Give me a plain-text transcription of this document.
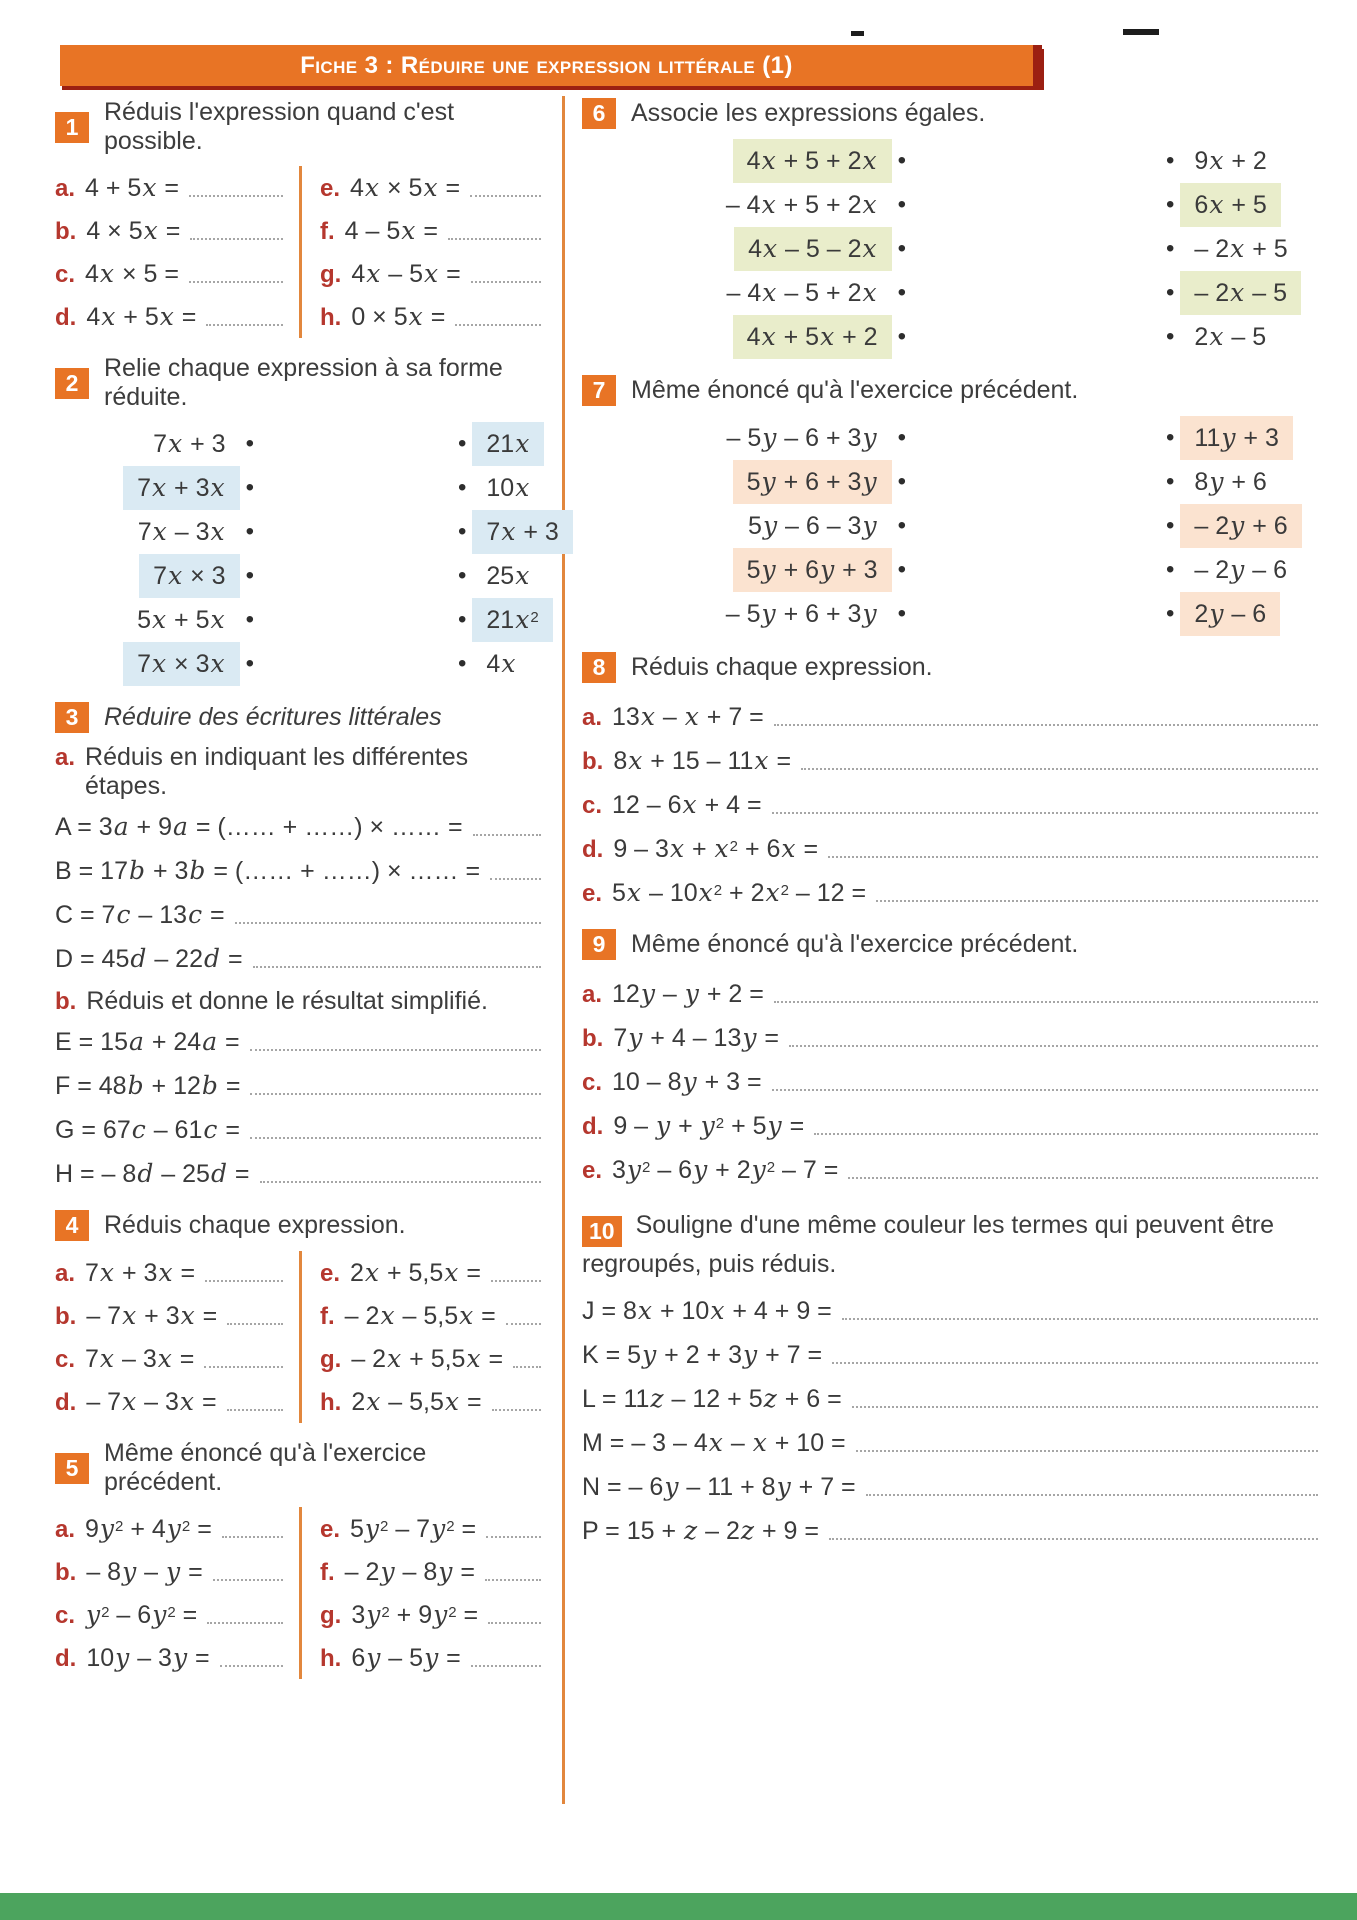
Fiche 3 : Réduire une expression littérale (1)
1
Réduis l'expression quand c'est possible.
a. 4 + 5x =	e. 4x × 5x =
b. 4 × 5x =	f. 4 – 5x =
c. 4x × 5 =	g. 4x – 5x =
d. 4x + 5x =	h. 0 × 5x =
2
Relie chaque expression à sa forme réduite.
7x + 3 • •	21x
7x + 3x • •	10x
7x – 3x • •	7x + 3
7x × 3 • •	25x
5x + 5x • •	$21x^2$
7x × 3x • •	4x
3	Réduire des écritures littérales
a. Réduis en indiquant les différentes étapes.
A = 3a + 9a = (…… + ……) × …… =
B = 17b + 3b = (…… + ……) × …… =
C = 7c – 13c =
D = 45d – 22d =
b. Réduis et donne le résultat simplifié.
E = 15a + 24a =
F = 48b + 12b =
G = 67c – 61c =
H = – 8d – 25d =
4	Réduis chaque expression.
a. 7x + 3x =	e. 2x + 5,5x =
b. – 7x + 3x =	f. – 2x – 5,5x =
c. 7x – 3x =	g. – 2x + 5,5x =
d. – 7x – 3x =	h. 2x – 5,5x =
5
Même énoncé qu'à l'exercice précédent.
a. $9y^2 + 4y^2$ =	e. $5y^2 - 7y^2$ =
b. – 8y – y =	f. – 2y – 8y =
c. $y^2 - 6y^2$ =	g. $3y^2 + 9y^2$ =
d. 10y – 3y =	h. 6y – 5y =
6	Associe les expressions égales.
4x + 5 + 2x • •	9x + 2
– 4x + 5 + 2x • •	6x + 5
4x – 5 – 2x • •	– 2x + 5
– 4x – 5 + 2x • •	– 2x – 5
4x + 5x + 2 • •	2x – 5
7	Même énoncé qu'à l'exercice précédent.
– 5y – 6 + 3y • •	11y + 3
5y + 6 + 3y • •	8y + 6
5y – 6 – 3y • •	– 2y + 6
5y + 6y + 3 • •	– 2y – 6
– 5y + 6 + 3y • •	2y – 6
8	Réduis chaque expression.
a. 13x – x + 7 =
b. 8x + 15 – 11x =
c. 12 – 6x + 4 =
d. $9 - 3x + x^2 + 6x$ =
e. $5x - 10x^2 + 2x^2 - 12$ =
9	Même énoncé qu'à l'exercice précédent.
a. 12y – y + 2 =
b. 7y + 4 – 13y =
c. 10 – 8y + 3 =
d. $9 - y + y^2 + 5y$ =
e. $3y^2 - 6y + 2y^2 - 7$ =

10 Souligne d'une même couleur les termes qui peuvent être regroupés, puis réduis.

J = 8x + 10x + 4 + 9 =
K = 5y + 2 + 3y + 7 =
L = 11z – 12 + 5z + 6 =
M = – 3 – 4x – x + 10 =
N = – 6y – 11 + 8y + 7 =
P = 15 + z – 2z + 9 =
